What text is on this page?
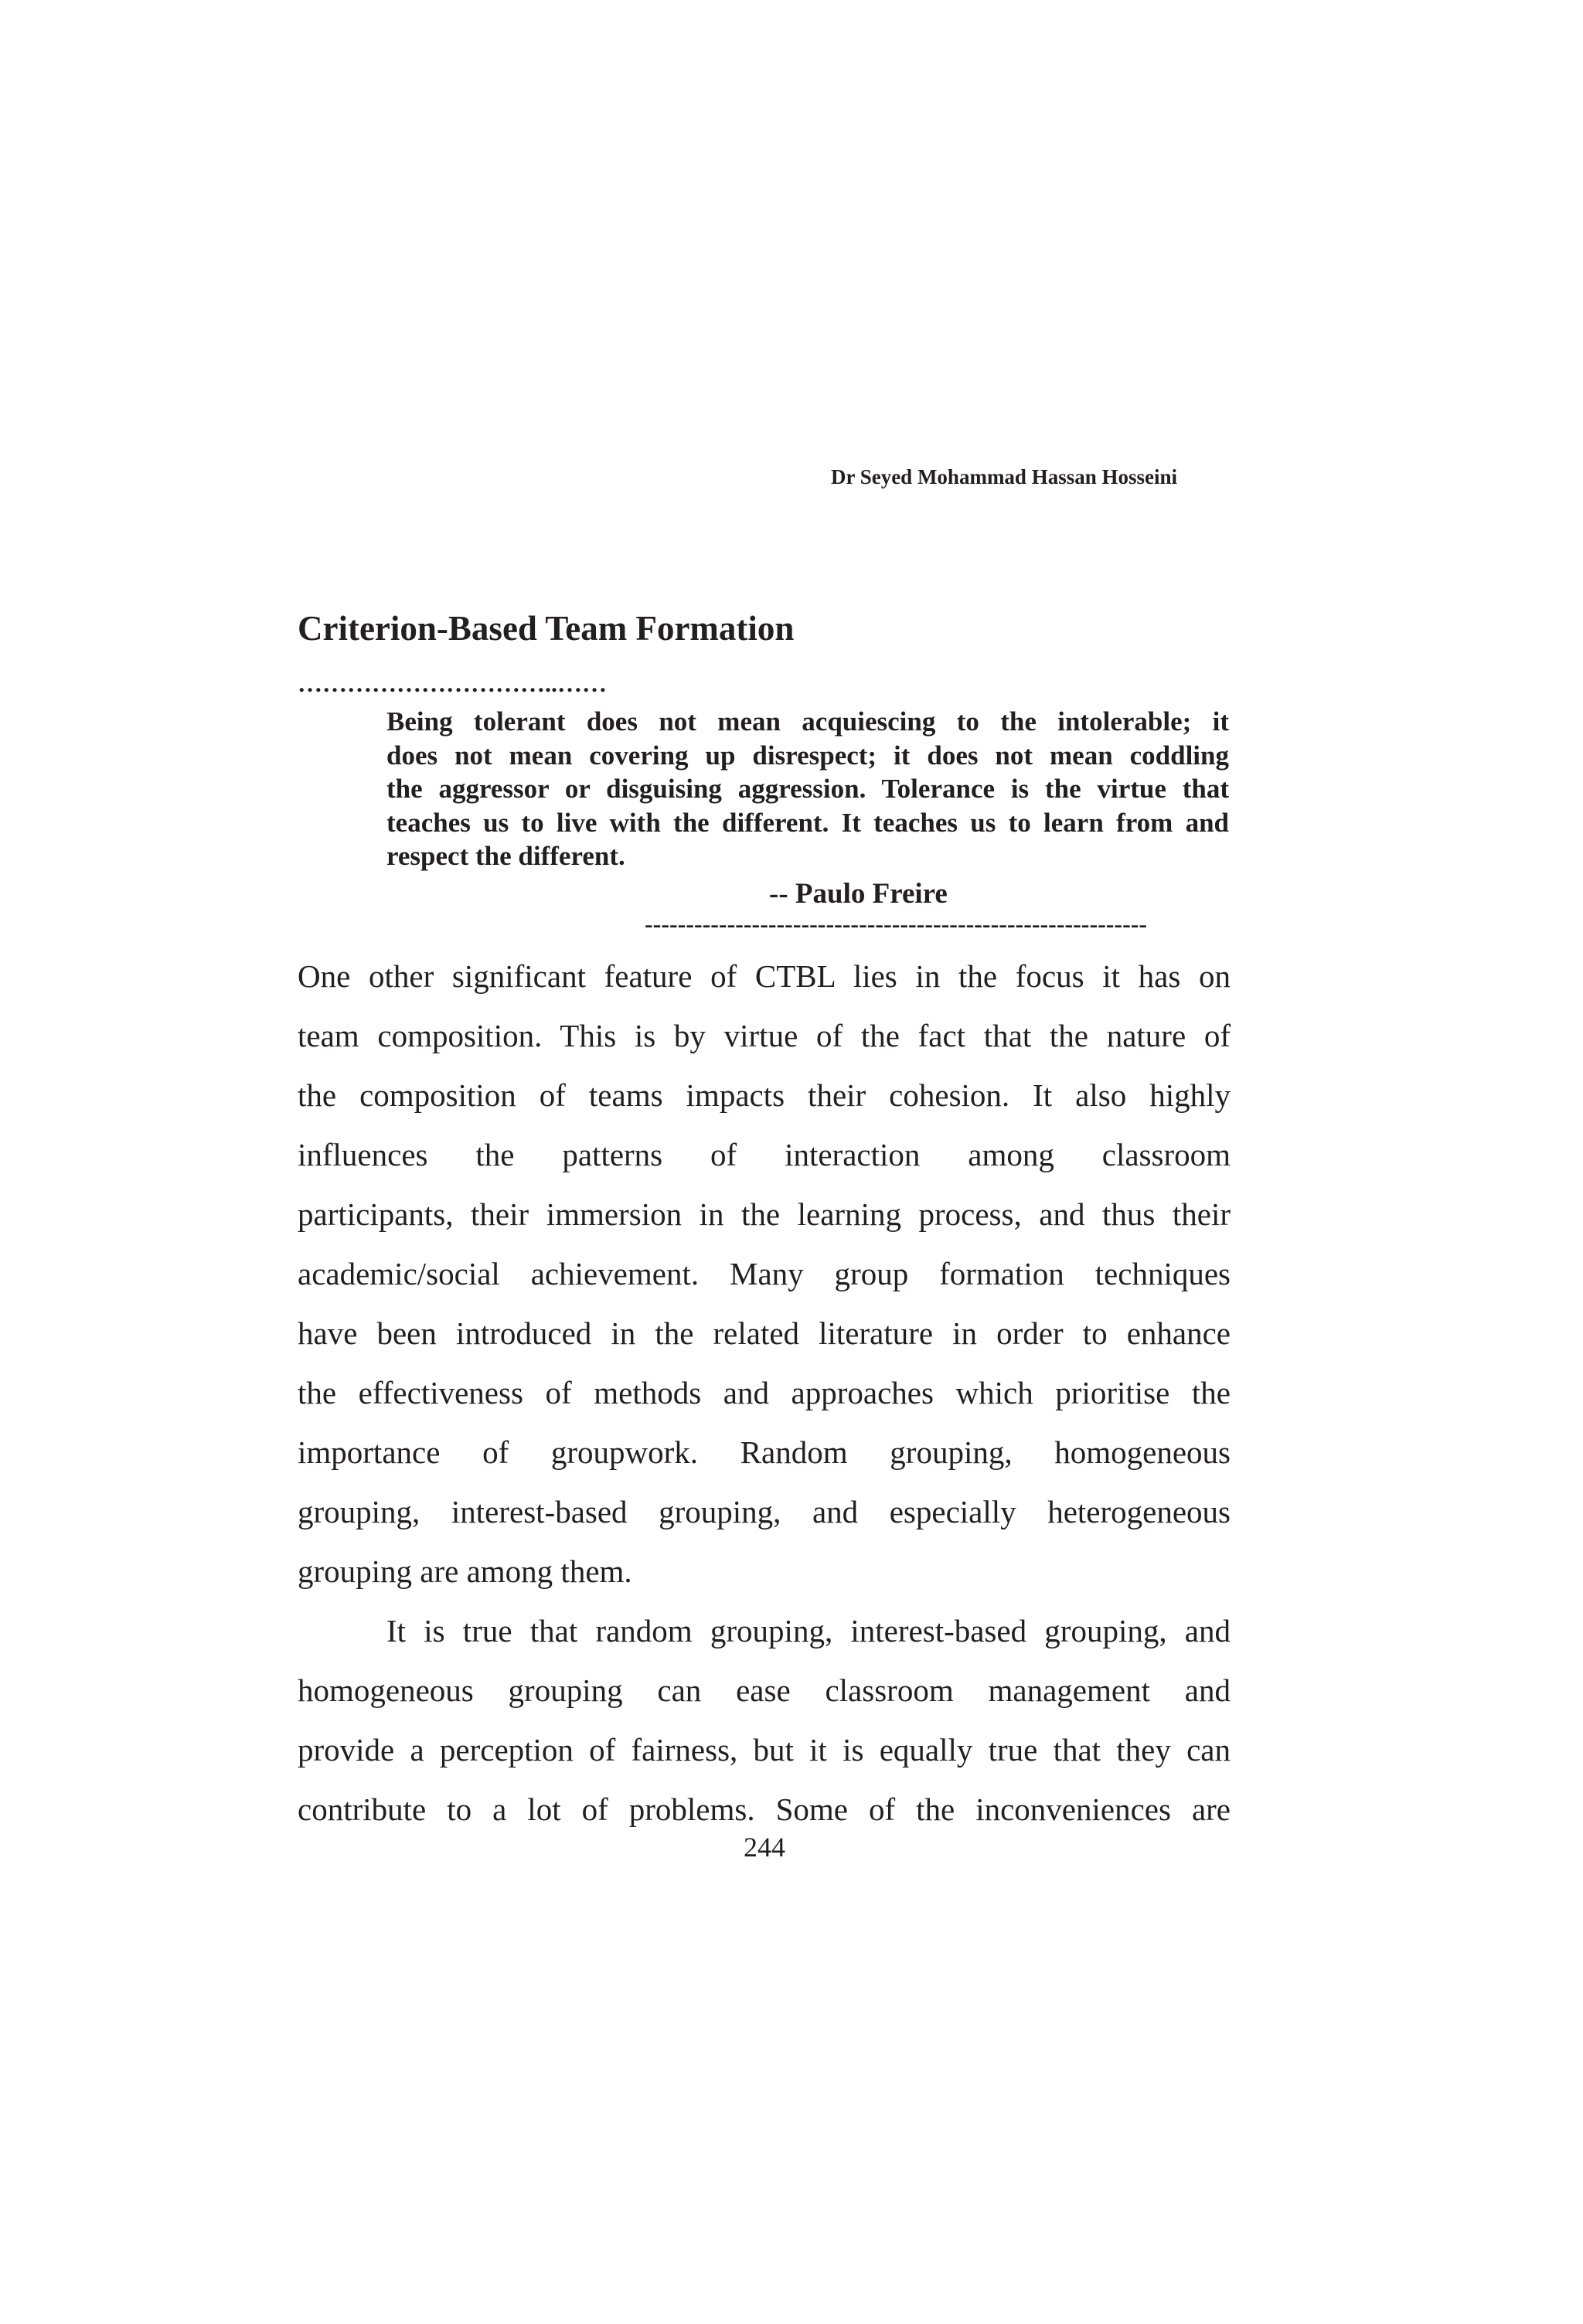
Dr Seyed Mohammad Hassan Hosseini
Criterion-Based Team Formation
…………………………..……
Being tolerant does not mean acquiescing to the intolerable; it
does not mean covering up disrespect; it does not mean coddling
the aggressor or disguising aggression. Tolerance is the virtue that
teaches us to live with the different. It teaches us to learn from and
respect the different.
-- Paulo Freire
-------------------------------------------------------------
One other significant feature of CTBL lies in the focus it has on
team composition. This is by virtue of the fact that the nature of
the composition of teams impacts their cohesion. It also highly
influences the patterns of interaction among classroom
participants, their immersion in the learning process, and thus their
academic/social achievement. Many group formation techniques
have been introduced in the related literature in order to enhance
the effectiveness of methods and approaches which prioritise the
importance of groupwork. Random grouping, homogeneous
grouping, interest-based grouping, and especially heterogeneous
grouping are among them.
It is true that random grouping, interest-based grouping, and
homogeneous grouping can ease classroom management and
provide a perception of fairness, but it is equally true that they can
contribute to a lot of problems. Some of the inconveniences are
244
